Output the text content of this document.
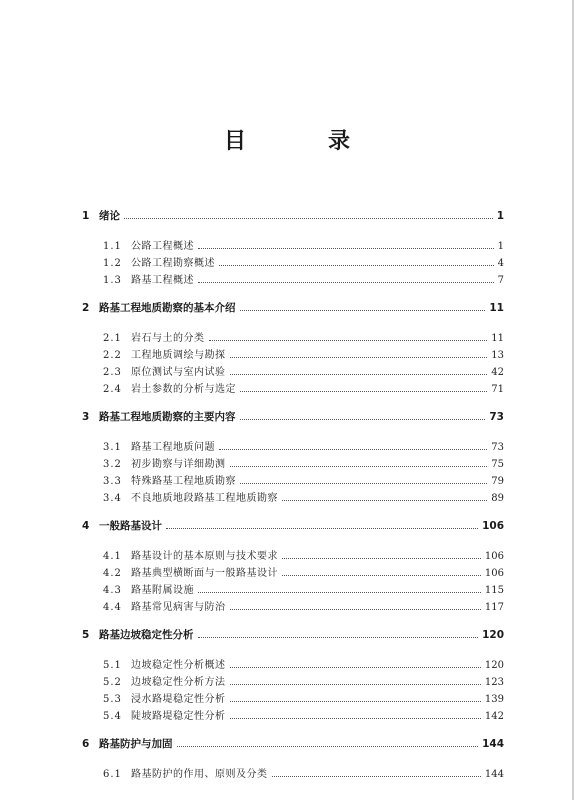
目　录
1 绪论	1
1.1 公路工程概述	1
1.2 公路工程勘察概述	4
1.3 路基工程概述	7
2 路基工程地质勘察的基本介绍	11
2.1 岩石与土的分类	11
2.2 工程地质调绘与勘探	13
2.3 原位测试与室内试验	42
2.4 岩土参数的分析与选定	71
3 路基工程地质勘察的主要内容	73
3.1 路基工程地质问题	73
3.2 初步勘察与详细勘测	75
3.3 特殊路基工程地质勘察	79
3.4 不良地质地段路基工程地质勘察	89
4 一般路基设计	106
4.1 路基设计的基本原则与技术要求	106
4.2 路基典型横断面与一般路基设计	106
4.3 路基附属设施	115
4.4 路基常见病害与防治	117
5 路基边坡稳定性分析	120
5.1 边坡稳定性分析概述	120
5.2 边坡稳定性分析方法	123
5.3 浸水路堤稳定性分析	139
5.4 陡坡路堤稳定性分析	142
6 路基防护与加固	144
6.1 路基防护的作用、原则及分类	144
